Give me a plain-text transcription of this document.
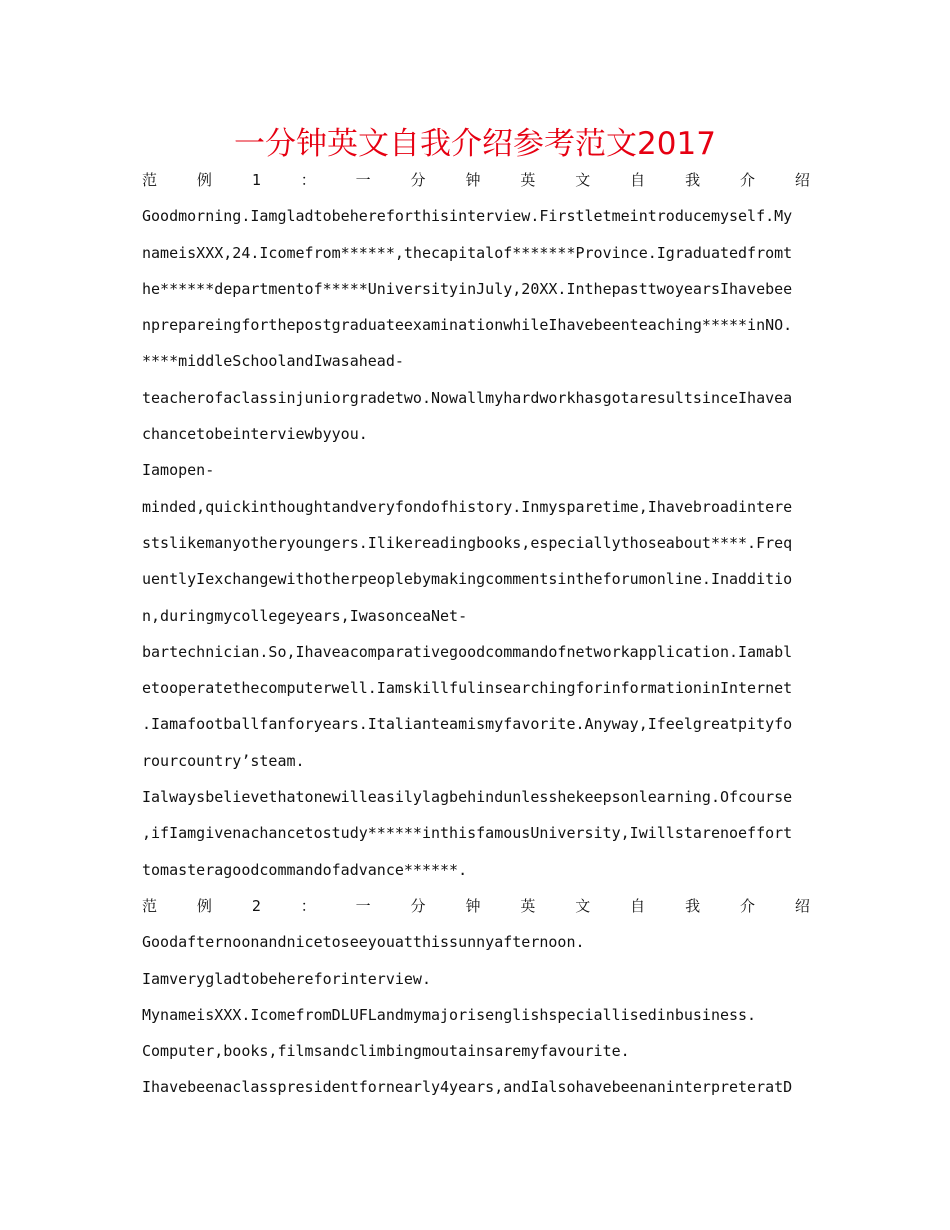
一分钟英文自我介绍参考范文2017
范	例	1	：	一	分	钟	英	文	自	我	介	绍
Goodmorning.Iamgladtobehereforthisinterview.Firstletmeintroducemyself.My
nameisXXX,24.Icomefrom******,thecapitalof*******Province.Igraduatedfromt
he******departmentof*****UniversityinJuly,20XX.InthepasttwoyearsIhavebee
nprepareingforthepostgraduateexaminationwhileIhavebeenteaching*****inNO.
****middleSchoolandIwasahead-
teacherofaclassinjuniorgradetwo.NowallmyhardworkhasgotaresultsinceIhavea
chancetobeinterviewbyyou.
Iamopen-
minded,quickinthoughtandveryfondofhistory.Inmysparetime,Ihavebroadintere
stslikemanyotheryoungers.Ilikereadingbooks,especiallythoseabout****.Freq
uentlyIexchangewithotherpeoplebymakingcommentsintheforumonline.Inadditio
n,duringmycollegeyears,IwasonceaNet-
bartechnician.So,Ihaveacomparativegoodcommandofnetworkapplication.Iamabl
etooperatethecomputerwell.IamskillfulinsearchingforinformationinInternet
.Iamafootballfanforyears.Italianteamismyfavorite.Anyway,Ifeelgreatpityfo
rourcountry’steam.
Ialwaysbelievethatonewilleasilylagbehindunlesshekeepsonlearning.Ofcourse
,ifIamgivenachancetostudy******inthisfamousUniversity,Iwillstarenoeffort
tomasteragoodcommandofadvance******.
范	例	2	：	一	分	钟	英	文	自	我	介	绍
Goodafternoonandnicetoseeyouatthissunnyafternoon.
Iamverygladtobehereforinterview.
MynameisXXX.IcomefromDLUFLandmymajorisenglishspeciallisedinbusiness.
Computer,books,filmsandclimbingmoutainsaremyfavourite.
Ihavebeenaclasspresidentfornearly4years,andIalsohavebeenaninterpreteratD
